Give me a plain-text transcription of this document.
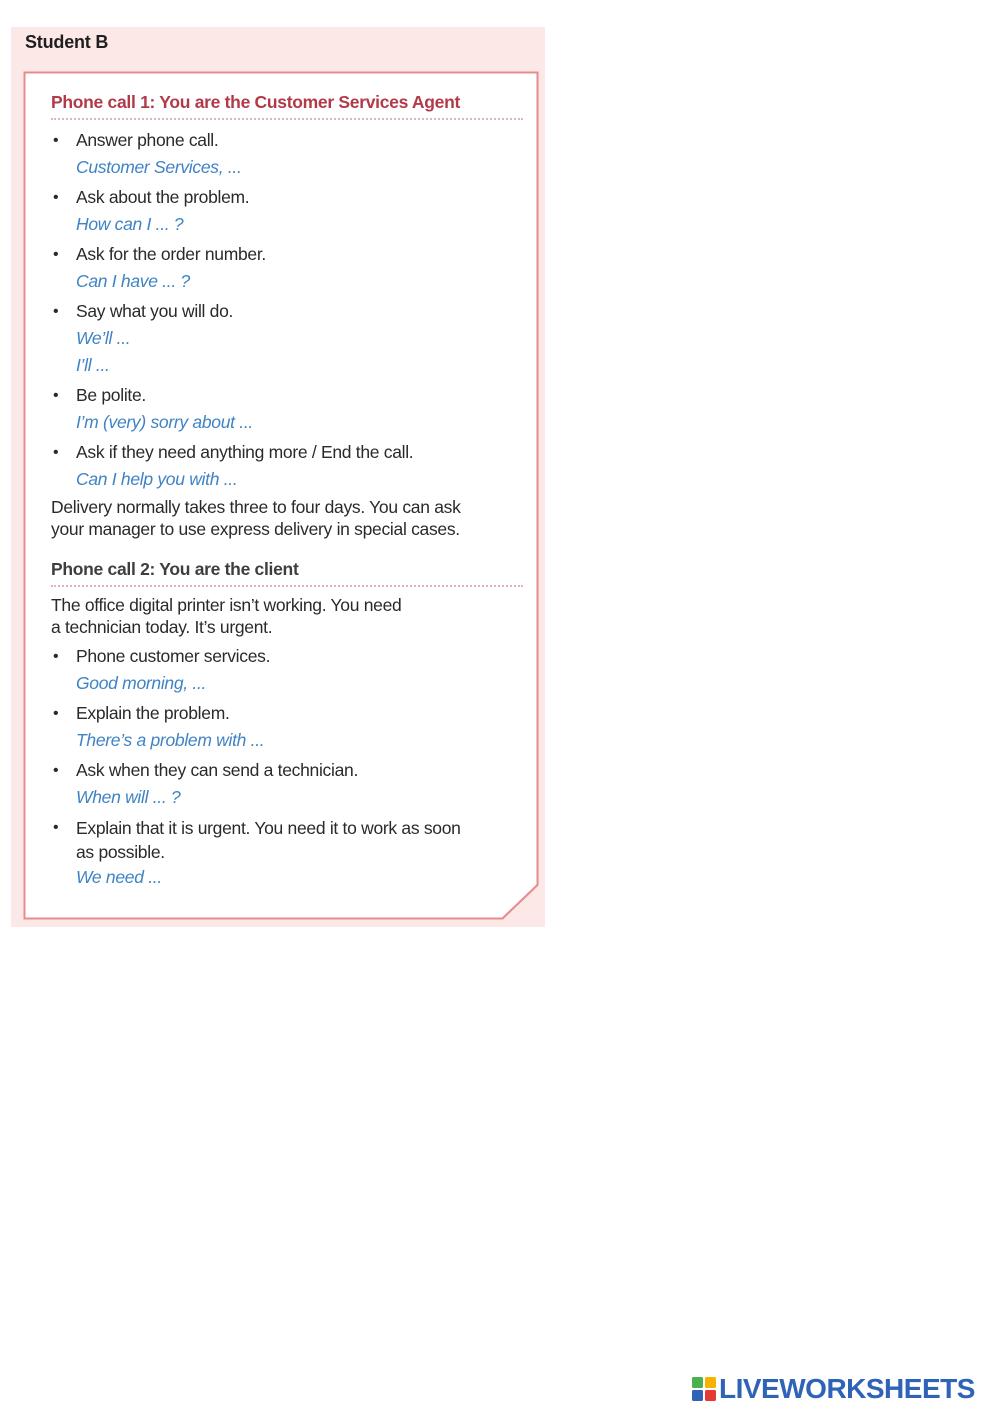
Student B
Phone call 1: You are the Customer Services Agent
• Answer phone call.
Customer Services, ...
• Ask about the problem.
How can I ... ?
• Ask for the order number.
Can I have ... ?
• Say what you will do.
We’ll ...
I’ll ...
• Be polite.
I’m (very) sorry about ...
• Ask if they need anything more / End the call.
Can I help you with ...
Delivery normally takes three to four days. You can ask
your manager to use express delivery in special cases.
Phone call 2: You are the client
The office digital printer isn’t working. You need
a technician today. It’s urgent.
• Phone customer services.
Good morning, ...
• Explain the problem.
There’s a problem with ...
• Ask when they can send a technician.
When will ... ?
• Explain that it is urgent. You need it to work as soon
as possible.
We need ...
LIVEWORKSHEETS
